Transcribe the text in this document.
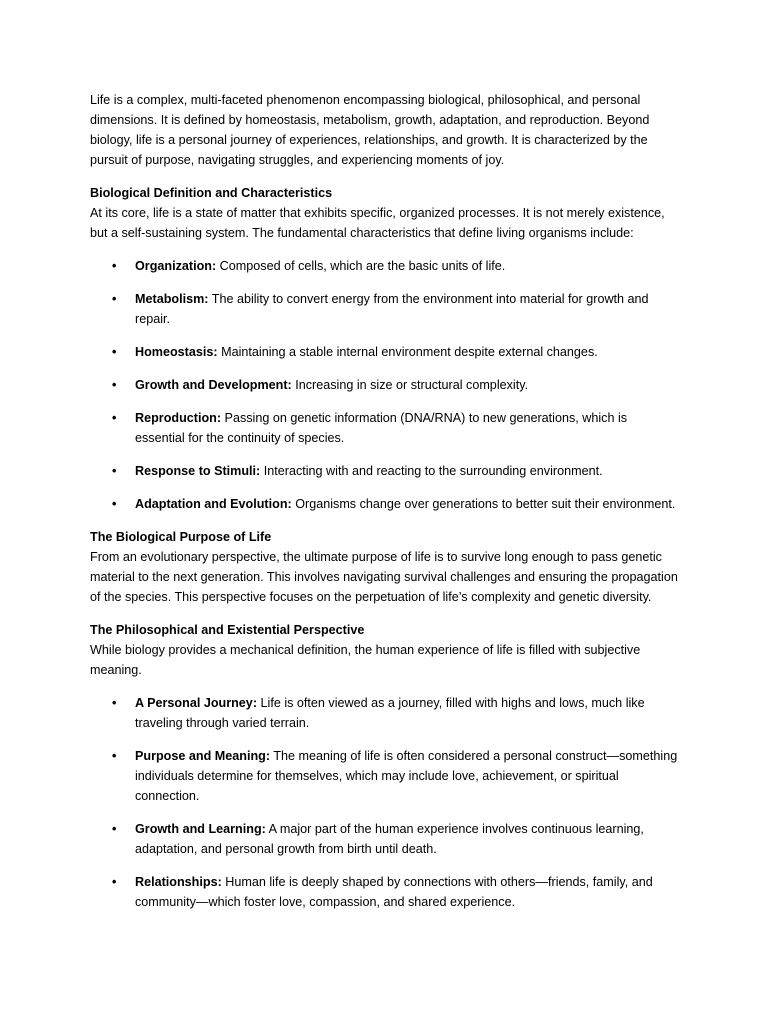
Life is a complex, multi-faceted phenomenon encompassing biological, philosophical, and personal dimensions. It is defined by homeostasis, metabolism, growth, adaptation, and reproduction. Beyond biology, life is a personal journey of experiences, relationships, and growth. It is characterized by the pursuit of purpose, navigating struggles, and experiencing moments of joy.

Biological Definition and Characteristics

At its core, life is a state of matter that exhibits specific, organized processes. It is not merely existence, but a self-sustaining system. The fundamental characteristics that define living organisms include:

• Organization: Composed of cells, which are the basic units of life.
• Metabolism: The ability to convert energy from the environment into material for growth and repair.
• Homeostasis: Maintaining a stable internal environment despite external changes.
• Growth and Development: Increasing in size or structural complexity.
• Reproduction: Passing on genetic information (DNA/RNA) to new generations, which is essential for the continuity of species.
• Response to Stimuli: Interacting with and reacting to the surrounding environment.
• Adaptation and Evolution: Organisms change over generations to better suit their environment.

The Biological Purpose of Life

From an evolutionary perspective, the ultimate purpose of life is to survive long enough to pass genetic material to the next generation. This involves navigating survival challenges and ensuring the propagation of the species. This perspective focuses on the perpetuation of life’s complexity and genetic diversity.

The Philosophical and Existential Perspective

While biology provides a mechanical definition, the human experience of life is filled with subjective meaning.

• A Personal Journey: Life is often viewed as a journey, filled with highs and lows, much like traveling through varied terrain.
• Purpose and Meaning: The meaning of life is often considered a personal construct—something individuals determine for themselves, which may include love, achievement, or spiritual connection.
• Growth and Learning: A major part of the human experience involves continuous learning, adaptation, and personal growth from birth until death.
• Relationships: Human life is deeply shaped by connections with others—friends, family, and community—which foster love, compassion, and shared experience.
